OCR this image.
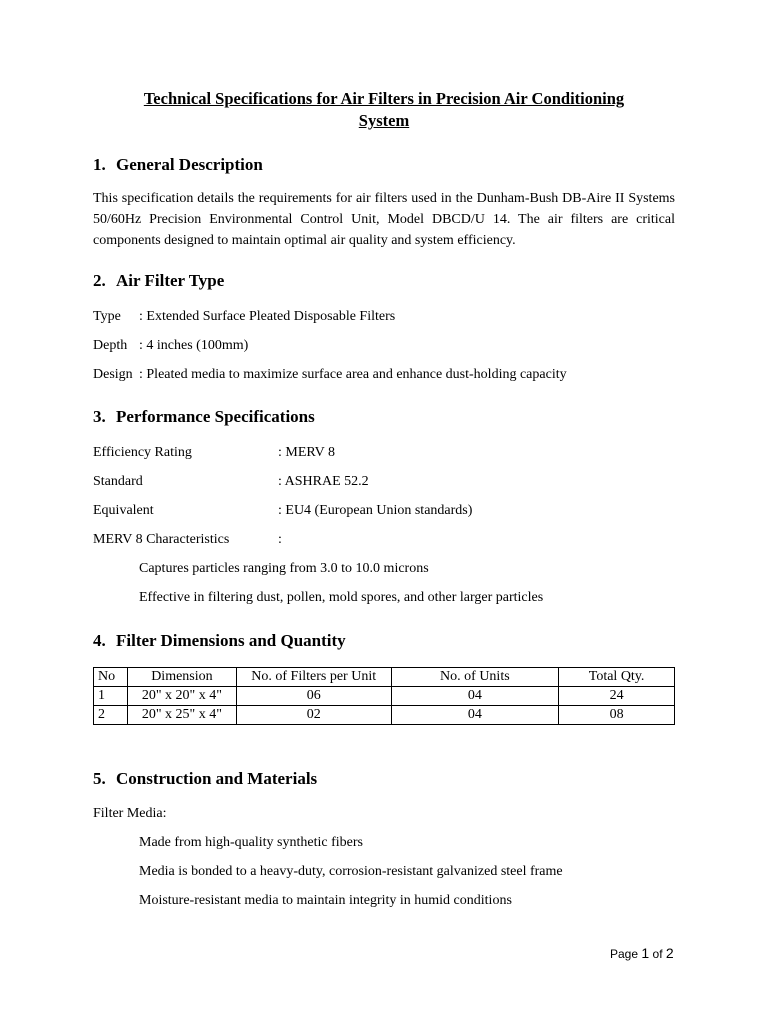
Technical Specifications for Air Filters in Precision Air Conditioning
System
1. General Description

This specification details the requirements for air filters used in the Dunham-Bush DB-Aire II Systems 50/60Hz Precision Environmental Control Unit, Model DBCD/U 14. The air filters are critical components designed to maintain optimal air quality and system efficiency.

2. Air Filter Type
Type : Extended Surface Pleated Disposable Filters
Depth : 4 inches (100mm)
Design : Pleated media to maximize surface area and enhance dust-holding capacity
3. Performance Specifications
Efficiency Rating	: MERV 8
Standard	: ASHRAE 52.2
Equivalent	: EU4 (European Union standards)
MERV 8 Characteristics	:
Captures particles ranging from 3.0 to 10.0 microns
Effective in filtering dust, pollen, mold spores, and other larger particles
4. Filter Dimensions and Quantity
No	Dimension	No. of Filters per Unit	No. of Units	Total Qty.
1	20" x 20" x 4"	06	04	24
2	20" x 25" x 4"	02	04	08
5. Construction and Materials
Filter Media:
Made from high-quality synthetic fibers
Media is bonded to a heavy-duty, corrosion-resistant galvanized steel frame
Moisture-resistant media to maintain integrity in humid conditions
Page 1 of 2
